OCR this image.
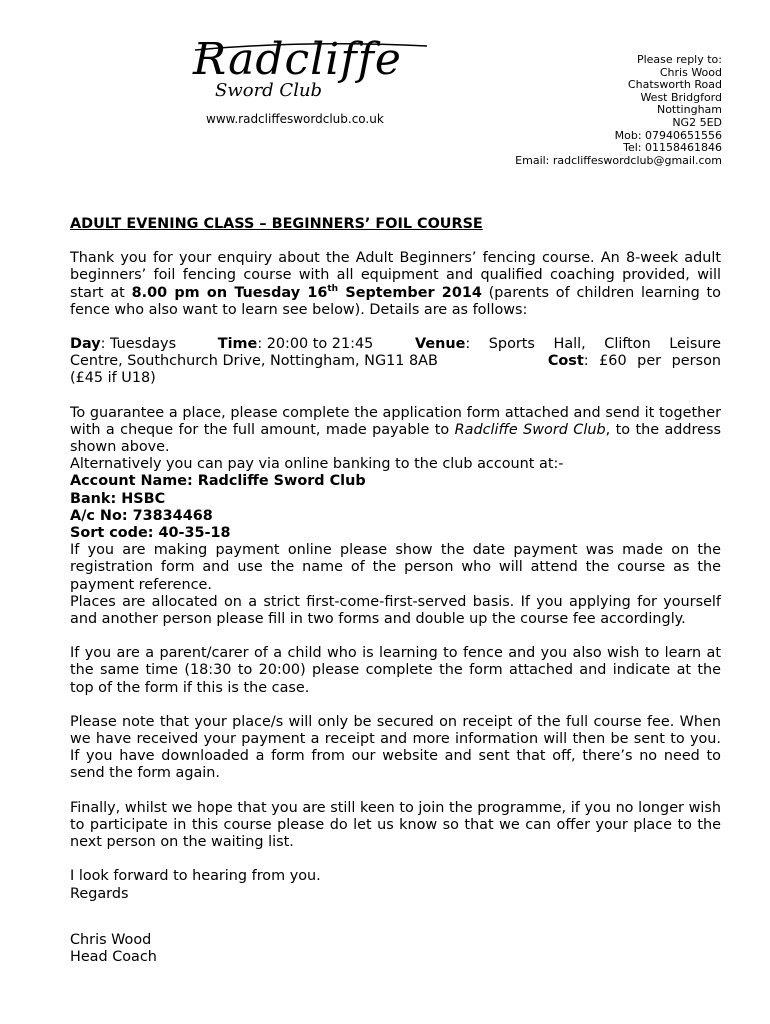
Radcliffe
Sword Club
www.radcliffeswordclub.co.uk
Please reply to:
Chris Wood
Chatsworth Road
West Bridgford
Nottingham
NG2 5ED
Mob: 07940651556
Tel: 01158461846
Email: radcliffeswordclub@gmail.com

ADULT EVENING CLASS – BEGINNERS’ FOIL COURSE

Thank you for your enquiry about the Adult Beginners’ fencing course. An 8-week adult beginners’ foil fencing course with all equipment and qualified coaching provided, will start at 8.00 pm on Tuesday 16th September 2014 (parents of children learning to fence who also want to learn see below). Details are as follows:

Day: Tuesdays	Time: 20:00 to 21:45	Venue: Sports Hall, Clifton Leisure
Centre, Southchurch Drive, Nottingham, NG11 8AB	Cost: £60 per person

(£45 if U18)

To guarantee a place, please complete the application form attached and send it together with a cheque for the full amount, made payable to Radcliffe Sword Club, to the address shown above.

Alternatively you can pay via online banking to the club account at:-

Account Name: Radcliffe Sword Club

Bank: HSBC

A/c No: 73834468

Sort code: 40-35-18

If you are making payment online please show the date payment was made on the registration form and use the name of the person who will attend the course as the payment reference.

Places are allocated on a strict first-come-first-served basis. If you applying for yourself and another person please fill in two forms and double up the course fee accordingly.

If you are a parent/carer of a child who is learning to fence and you also wish to learn at the same time (18:30 to 20:00) please complete the form attached and indicate at the top of the form if this is the case.

Please note that your place/s will only be secured on receipt of the full course fee. When we have received your payment a receipt and more information will then be sent to you. If you have downloaded a form from our website and sent that off, there’s no need to send the form again.

Finally, whilst we hope that you are still keen to join the programme, if you no longer wish to participate in this course please do let us know so that we can offer your place to the next person on the waiting list.

I look forward to hearing from you.

Regards

Chris Wood

Head Coach
